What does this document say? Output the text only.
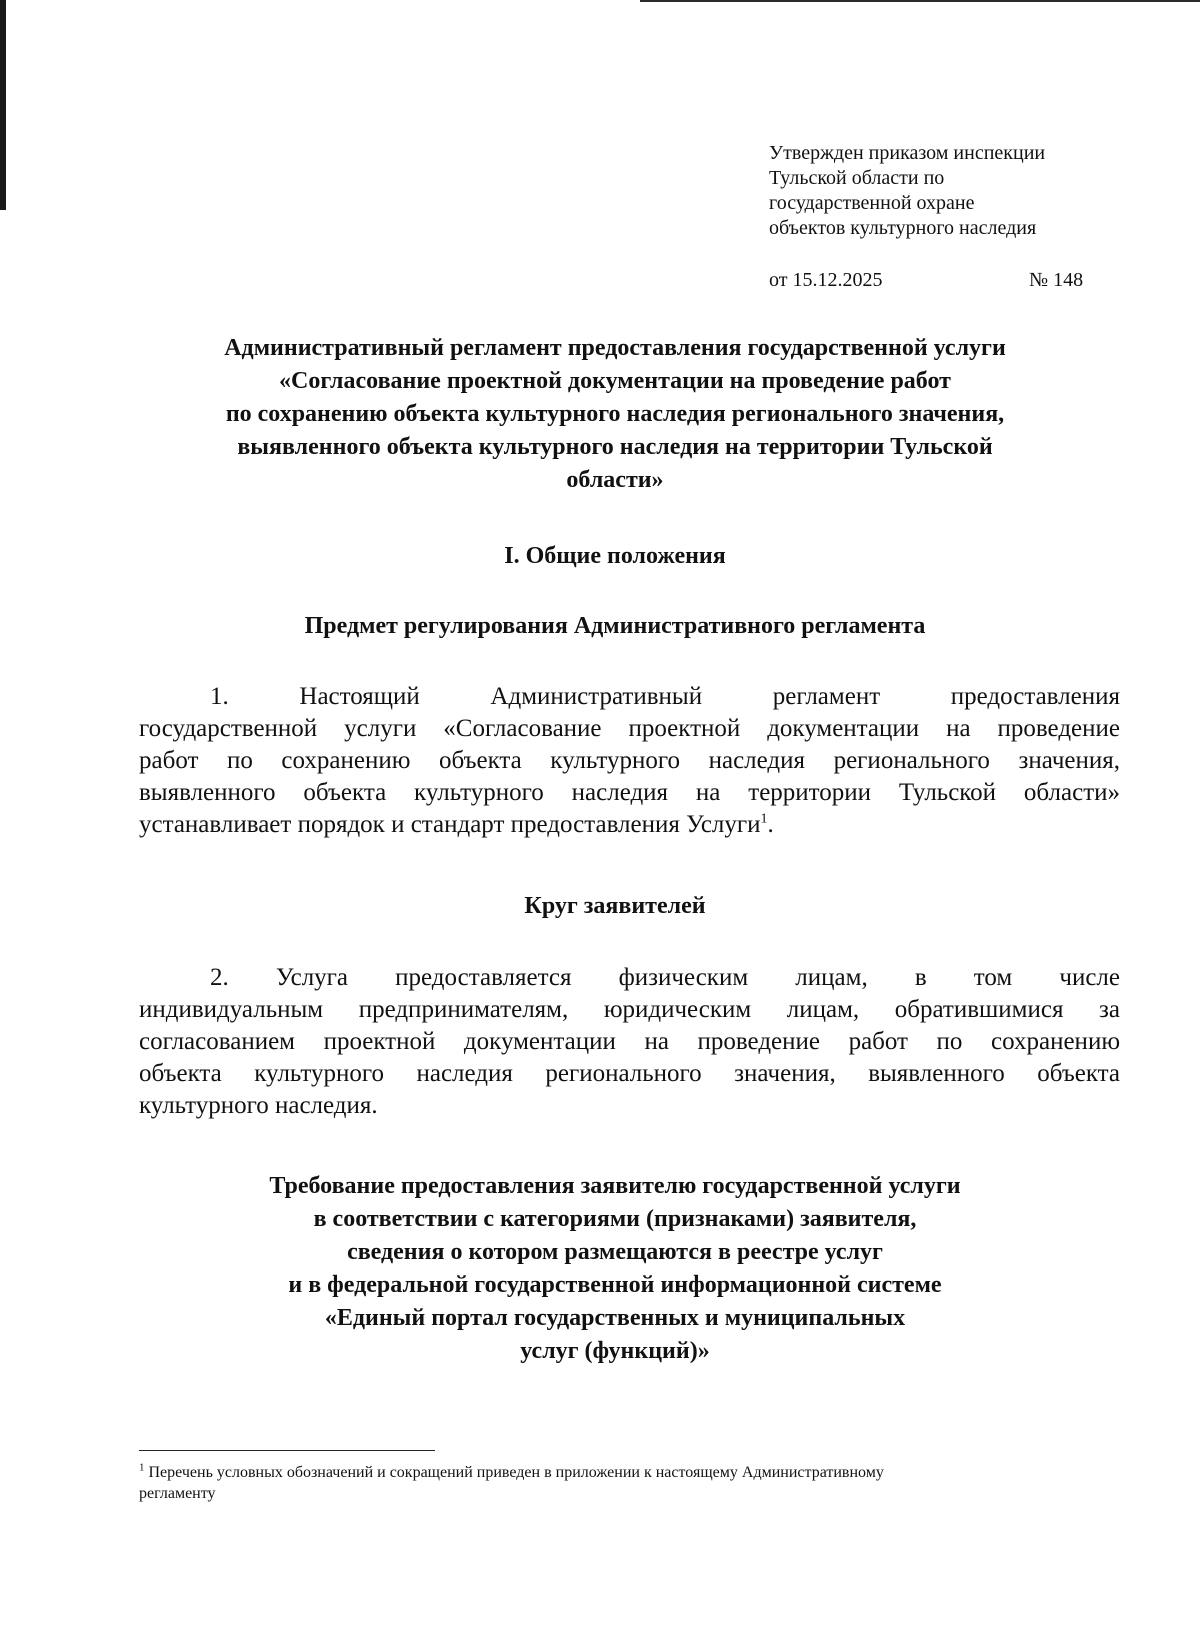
Утвержден приказом инспекции
Тульской области по
государственной охране
объектов культурного наследия
от 15.12.2025	№ 148
Административный регламент предоставления государственной услуги
«Согласование проектной документации на проведение работ
по сохранению объекта культурного наследия регионального значения,
выявленного объекта культурного наследия на территории Тульской
области»
I. Общие положения
Предмет регулирования Административного регламента
1. Настоящий Административный регламент предоставления
государственной услуги «Согласование проектной документации на проведение
работ по сохранению объекта культурного наследия регионального значения,
выявленного объекта культурного наследия на территории Тульской области»
устанавливает порядок и стандарт предоставления Услуги$^1$.
Круг заявителей
2. Услуга предоставляется физическим лицам, в том числе
индивидуальным предпринимателям, юридическим лицам, обратившимися за
согласованием проектной документации на проведение работ по сохранению
объекта культурного наследия регионального значения, выявленного объекта
культурного наследия.
Требование предоставления заявителю государственной услуги
в соответствии с категориями (признаками) заявителя,
сведения о котором размещаются в реестре услуг
и в федеральной государственной информационной системе
«Единый портал государственных и муниципальных
услуг (функций)»
$^1$ Перечень условных обозначений и сокращений приведен в приложении к настоящему Административному
регламенту
